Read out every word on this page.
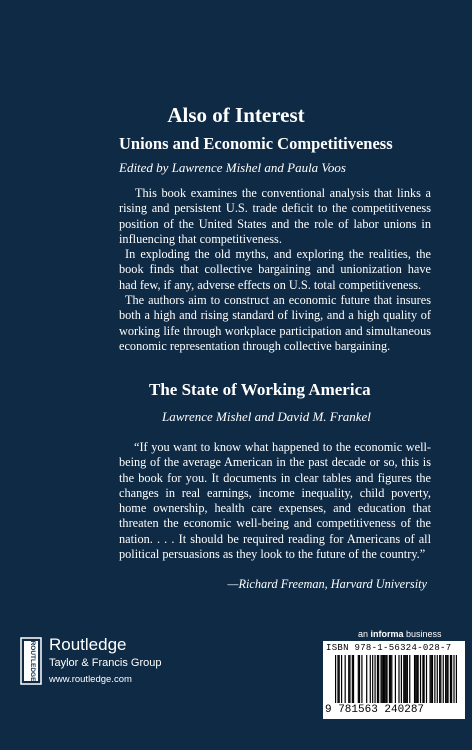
Also of Interest
Unions and Economic Competitiveness

Edited by Lawrence Mishel and Paula Voos

This book examines the conventional analysis that links a rising and persistent U.S. trade deficit to the competitiveness position of the United States and the role of labor unions in influencing that competitiveness.

In exploding the old myths, and exploring the realities, the book finds that collective bargaining and unionization have had few, if any, adverse effects on U.S. total competitiveness.

The authors aim to construct an economic future that insures both a high and rising standard of living, and a high quality of working life through workplace participation and simultaneous economic representation through collective bargaining.

The State of Working America

Lawrence Mishel and David M. Frankel

“If you want to know what happened to the economic well-being of the average American in the past decade or so, this is the book for you. It documents in clear tables and figures the changes in real earnings, income inequality, child poverty, home ownership, health care expenses, and education that threaten the economic well-being and competitiveness of the nation. . . . It should be required reading for Americans of all political persuasions as they look to the future of the country.”

—Richard Freeman, Harvard University

ROUTLEDGE Routledge

Taylor & Francis Group

www.routledge.com

an informa business

ISBN 978-1-56324-028-7

9 781563 240287
